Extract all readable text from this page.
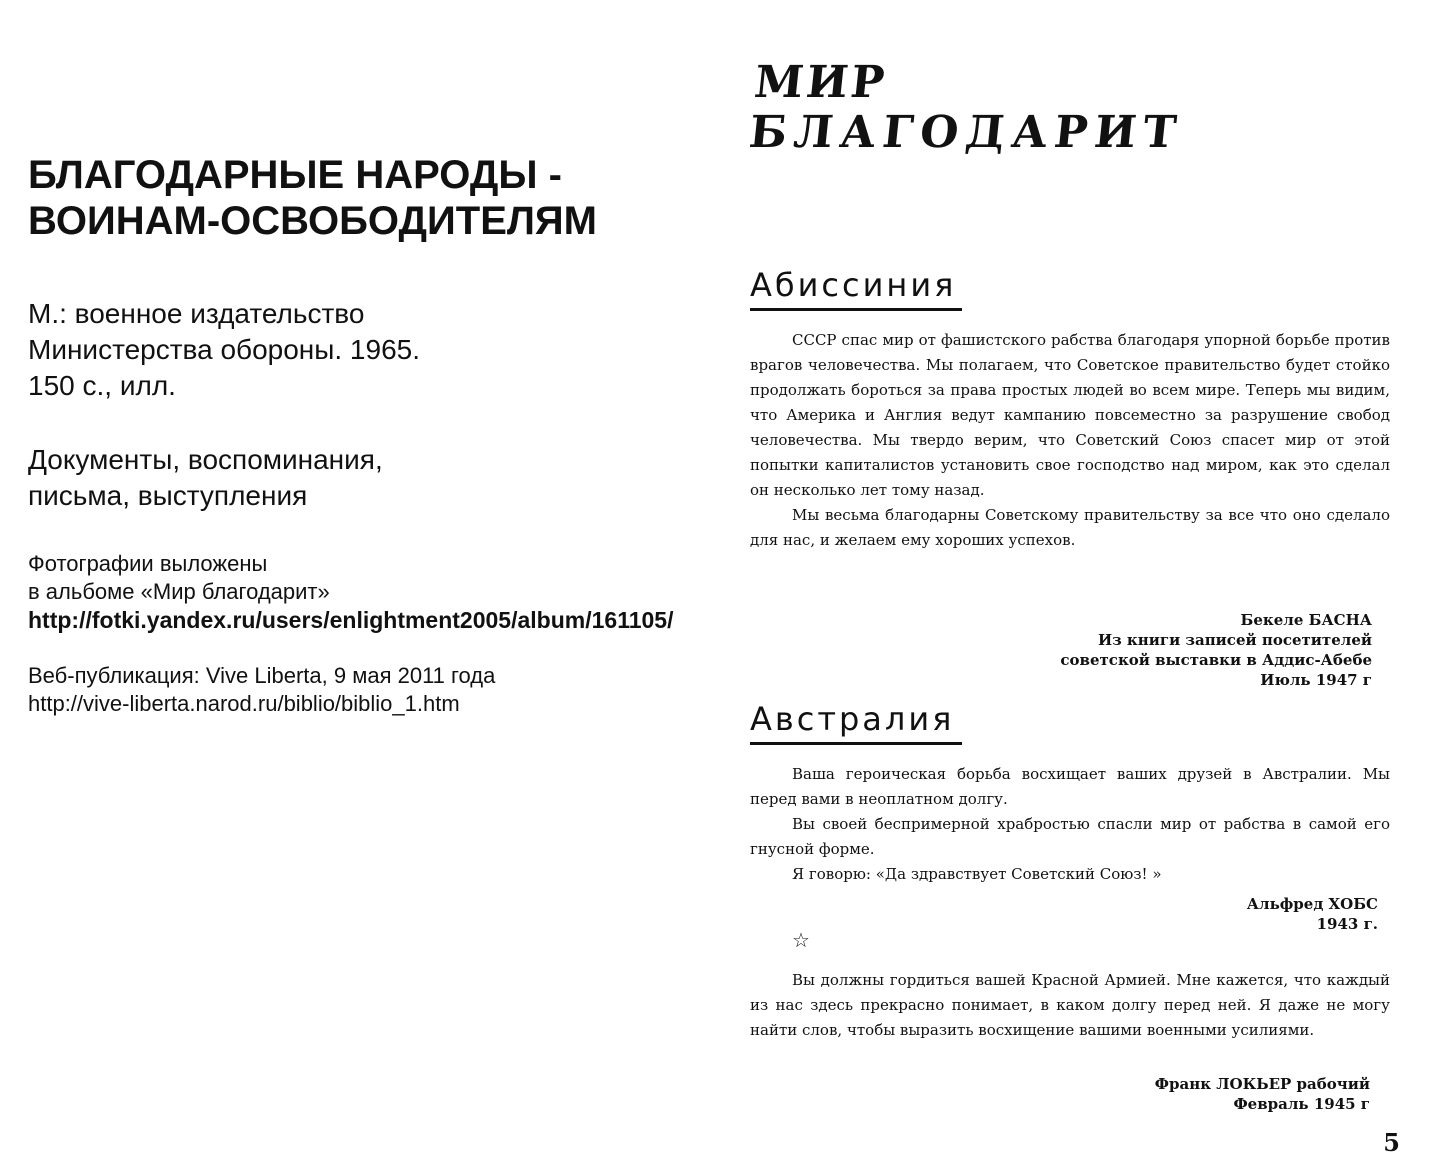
БЛАГОДАРНЫЕ НАРОДЫ -
ВОИНАМ-ОСВОБОДИТЕЛЯМ
М.: военное издательство
Министерства обороны. 1965.
150 с., илл.
Документы, воспоминания,
письма, выступления
Фотографии выложены
в альбоме «Мир благодарит»
http://fotki.yandex.ru/users/enlightment2005/album/161105/
Веб-публикация: Vive Liberta, 9 мая 2011 года
http://vive-liberta.narod.ru/biblio/biblio_1.htm
МИР
БЛАГОДАРИТ
Абиссиния

СССР спас мир от фашистского рабства благодаря упорной борьбе против врагов человечества. Мы полагаем, что Советское правительство будет стойко продолжать бороться за права простых людей во всем мире. Теперь мы видим, что Америка и Англия ведут кампанию повсеместно за разрушение свобод человечества. Мы твердо верим, что Советский Союз спасет мир от этой попытки капиталистов установить свое господство над миром, как это сделал он несколько лет тому назад.

Мы весьма благодарны Советскому правительству за все что оно сделало для нас, и желаем ему хороших успехов.

Бекеле БАСНА
Из книги записей посетителей
советской выставки в Аддис-Абебе
Июль 1947 г
Австралия

Ваша героическая борьба восхищает ваших друзей в Австралии. Мы перед вами в неоплатном долгу.

Вы своей беспримерной храбростью спасли мир от рабства в самой его гнусной форме.

Я говорю: «Да здравствует Советский Союз! »

Альфред ХОБС
1943 г.
☆

Вы должны гордиться вашей Красной Армией. Мне кажется, что каждый из нас здесь прекрасно понимает, в каком долгу перед ней. Я даже не могу найти слов, чтобы выразить восхищение вашими военными усилиями.

Франк ЛОКЬЕР рабочий
Февраль 1945 г
5
